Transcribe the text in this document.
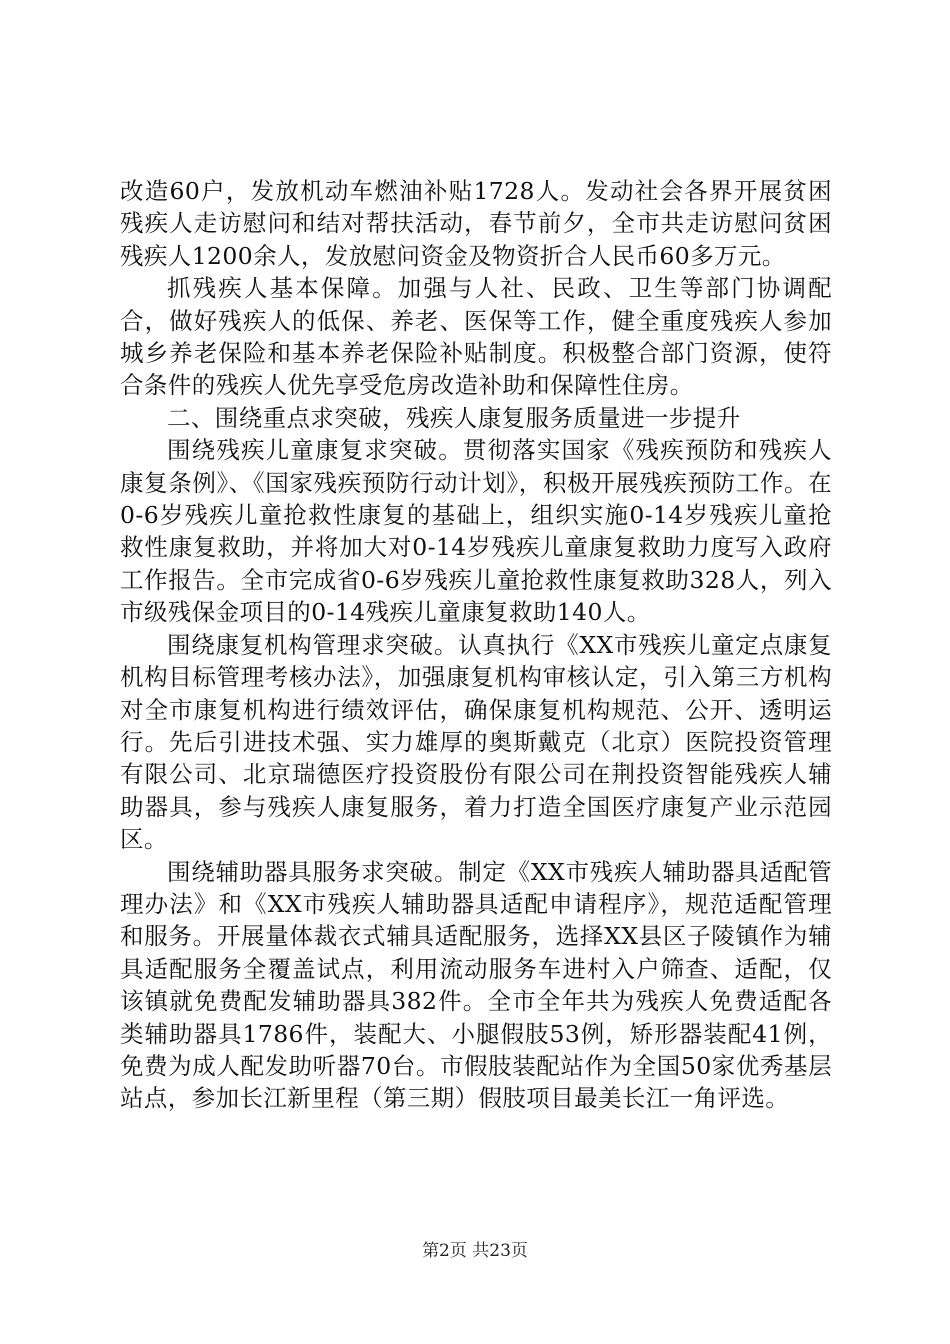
改造60户，发放机动车燃油补贴1728人。发动社会各界开展贫困残疾人走访慰问和结对帮扶活动，春节前夕，全市共走访慰问贫困残疾人1200余人，发放慰问资金及物资折合人民币60多万元。

抓残疾人基本保障。加强与人社、民政、卫生等部门协调配合，做好残疾人的低保、养老、医保等工作，健全重度残疾人参加城乡养老保险和基本养老保险补贴制度。积极整合部门资源，使符合条件的残疾人优先享受危房改造补助和保障性住房。

二、围绕重点求突破，残疾人康复服务质量进一步提升

围绕残疾儿童康复求突破。贯彻落实国家《残疾预防和残疾人康复条例》、《国家残疾预防行动计划》，积极开展残疾预防工作。在0-6岁残疾儿童抢救性康复的基础上，组织实施0-14岁残疾儿童抢救性康复救助，并将加大对0-14岁残疾儿童康复救助力度写入政府工作报告。全市完成省0-6岁残疾儿童抢救性康复救助328人，列入市级残保金项目的0-14残疾儿童康复救助140人。

围绕康复机构管理求突破。认真执行《XX市残疾儿童定点康复机构目标管理考核办法》，加强康复机构审核认定，引入第三方机构对全市康复机构进行绩效评估，确保康复机构规范、公开、透明运行。先后引进技术强、实力雄厚的奥斯戴克（北京）医院投资管理有限公司、北京瑞德医疗投资股份有限公司在荆投资智能残疾人辅助器具，参与残疾人康复服务，着力打造全国医疗康复产业示范园区。

围绕辅助器具服务求突破。制定《XX市残疾人辅助器具适配管理办法》和《XX市残疾人辅助器具适配申请程序》，规范适配管理和服务。开展量体裁衣式辅具适配服务，选择XX县区子陵镇作为辅具适配服务全覆盖试点，利用流动服务车进村入户筛查、适配，仅该镇就免费配发辅助器具382件。全市全年共为残疾人免费适配各类辅助器具1786件，装配大、小腿假肢53例，矫形器装配41例，免费为成人配发助听器70台。市假肢装配站作为全国50家优秀基层站点，参加长江新里程（第三期）假肢项目最美长江一角评选。

第2页 共23页
